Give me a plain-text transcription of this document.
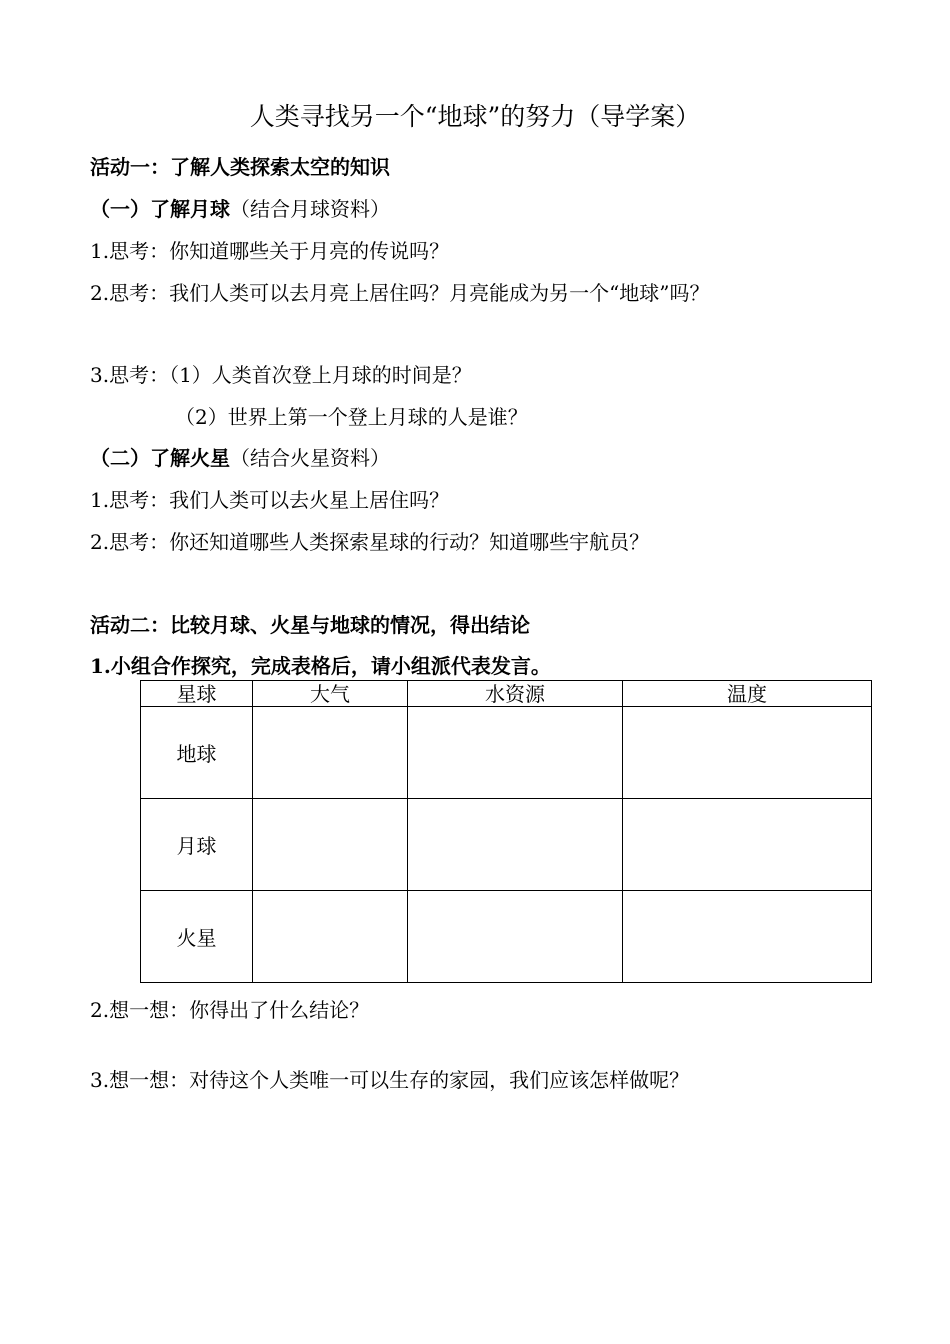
人类寻找另一个“地球”的努力（导学案）
活动一：了解人类探索太空的知识
（一）了解月球（结合月球资料）
1.思考：你知道哪些关于月亮的传说吗？
2.思考：我们人类可以去月亮上居住吗？月亮能成为另一个“地球”吗？
3.思考：（1）人类首次登上月球的时间是？
（2）世界上第一个登上月球的人是谁？
（二）了解火星（结合火星资料）
1.思考：我们人类可以去火星上居住吗？
2.思考：你还知道哪些人类探索星球的行动？知道哪些宇航员？
活动二：比较月球、火星与地球的情况，得出结论
1.小组合作探究，完成表格后，请小组派代表发言。
星球	大气	水资源	温度
地球			
月球			
火星			
2.想一想：你得出了什么结论？
3.想一想：对待这个人类唯一可以生存的家园，我们应该怎样做呢？
